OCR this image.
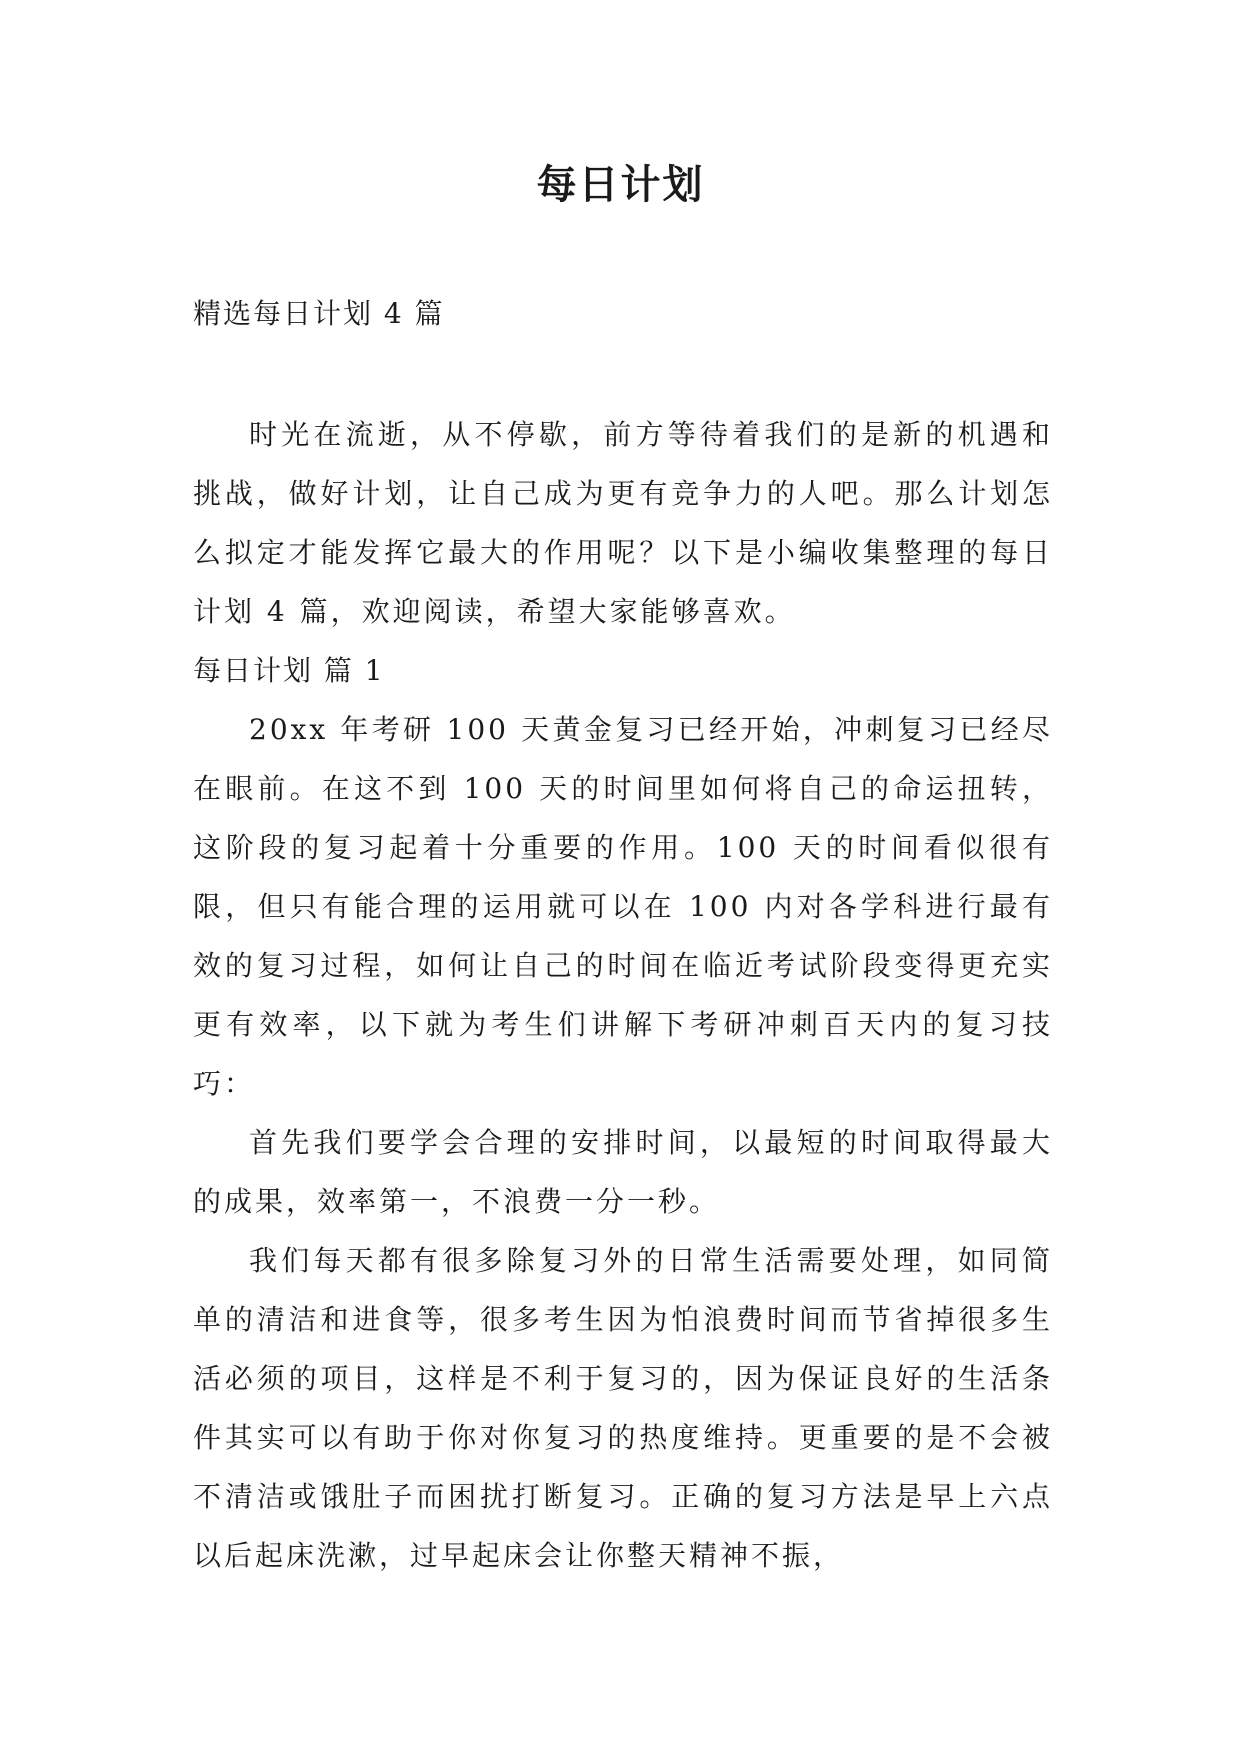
每日计划
精选每日计划 4 篇

时光在流逝，从不停歇，前方等待着我们的是新的机遇和挑战，做好计划，让自己成为更有竞争力的人吧。那么计划怎么拟定才能发挥它最大的作用呢？以下是小编收集整理的每日计划 4 篇，欢迎阅读，希望大家能够喜欢。

每日计划 篇 1

20xx 年考研 100 天黄金复习已经开始，冲刺复习已经尽在眼前。在这不到 100 天的时间里如何将自己的命运扭转，这阶段的复习起着十分重要的作用。100 天的时间看似很有限，但只有能合理的运用就可以在 100 内对各学科进行最有效的复习过程，如何让自己的时间在临近考试阶段变得更充实更有效率，以下就为考生们讲解下考研冲刺百天内的复习技巧：

首先我们要学会合理的安排时间，以最短的时间取得最大的成果，效率第一，不浪费一分一秒。

我们每天都有很多除复习外的日常生活需要处理，如同简单的清洁和进食等，很多考生因为怕浪费时间而节省掉很多生活必须的项目，这样是不利于复习的，因为保证良好的生活条件其实可以有助于你对你复习的热度维持。更重要的是不会被不清洁或饿肚子而困扰打断复习。正确的复习方法是早上六点以后起床洗漱，过早起床会让你整天精神不振，
